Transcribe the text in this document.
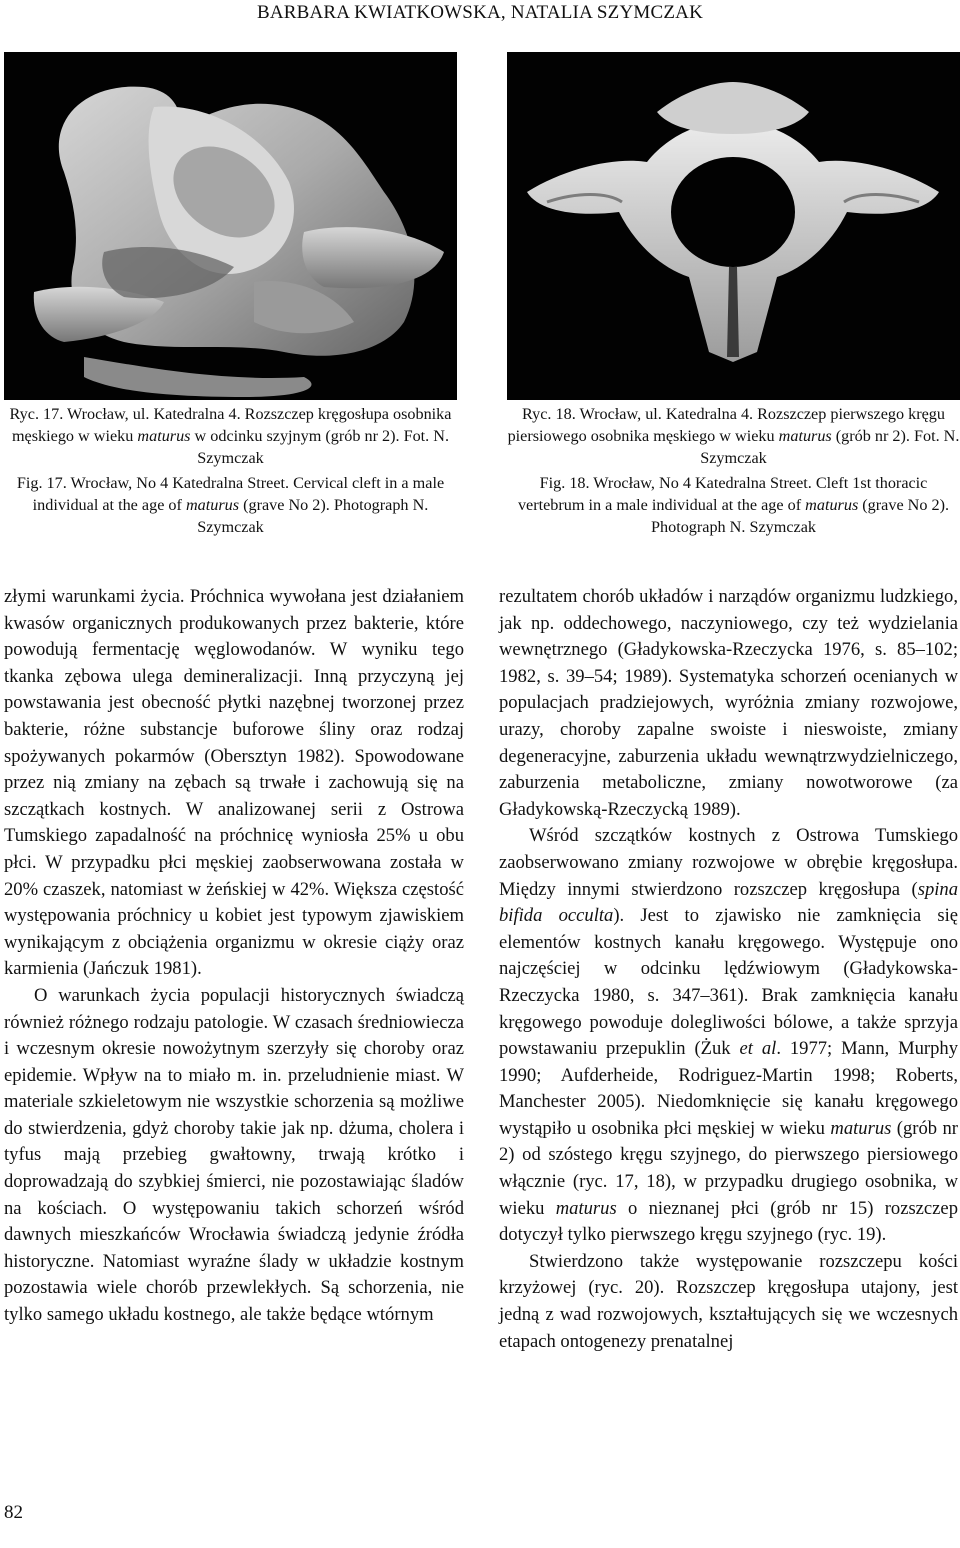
BARBARA KWIATKOWSKA, NATALIA SZYMCZAK

Ryc. 17. Wrocław, ul. Katedralna 4. Rozszczep kręgosłupa osobnika męskiego w wieku maturus w odcinku szyjnym (grób nr 2). Fot. N. Szymczak

Fig. 17. Wrocław, No 4 Katedralna Street. Cervical cleft in a male individual at the age of maturus (grave No 2). Photograph N. Szymczak

Ryc. 18. Wrocław, ul. Katedralna 4. Rozszczep pierwszego kręgu piersiowego osobnika męskiego w wieku maturus (grób nr 2). Fot. N. Szymczak

Fig. 18. Wrocław, No 4 Katedralna Street. Cleft 1st thoracic vertebrum in a male individual at the age of maturus (grave No 2). Photograph N. Szymczak

złymi warunkami życia. Próchnica wywołana jest działaniem kwasów organicznych produkowanych przez bakterie, które powodują fermentację węglowodanów. W wyniku tego tkanka zębowa ulega demineralizacji. Inną przyczyną jej powstawania jest obecność płytki nazębnej tworzonej przez bakterie, różne substancje buforowe śliny oraz rodzaj spożywanych pokarmów (Obersztyn 1982). Spowodowane przez nią zmiany na zębach są trwałe i zachowują się na szczątkach kostnych. W analizowanej serii z Ostrowa Tumskiego zapadalność na próchnicę wyniosła 25% u obu płci. W przypadku płci męskiej zaobserwowana została w 20% czaszek, natomiast w żeńskiej w 42%. Większa częstość występowania próchnicy u kobiet jest typowym zjawiskiem wynikającym z obciążenia organizmu w okresie ciąży oraz karmienia (Jańczuk 1981).

O warunkach życia populacji historycznych świadczą również różnego rodzaju patologie. W czasach średniowiecza i wczesnym okresie nowożytnym szerzyły się choroby oraz epidemie. Wpływ na to miało m. in. przeludnienie miast. W materiale szkieletowym nie wszystkie schorzenia są możliwe do stwierdzenia, gdyż choroby takie jak np. dżuma, cholera i tyfus mają przebieg gwałtowny, trwają krótko i doprowadzają do szybkiej śmierci, nie pozostawiając śladów na kościach. O występowaniu takich schorzeń wśród dawnych mieszkańców Wrocławia świadczą jedynie źródła historyczne. Natomiast wyraźne ślady w układzie kostnym pozostawia wiele chorób przewlekłych. Są schorzenia, nie tylko samego układu kostnego, ale także będące wtórnym

rezultatem chorób układów i narządów organizmu ludzkiego, jak np. oddechowego, naczyniowego, czy też wydzielania wewnętrznego (Gładykowska-Rzeczycka 1976, s. 85–102; 1982, s. 39–54; 1989). Systematyka schorzeń ocenianych w populacjach pradziejowych, wyróżnia zmiany rozwojowe, urazy, choroby zapalne swoiste i nieswoiste, zmiany degeneracyjne, zaburzenia układu wewnątrzwydzielniczego, zaburzenia metaboliczne, zmiany nowotworowe (za Gładykowską-Rzeczycką 1989).

Wśród szczątków kostnych z Ostrowa Tumskiego zaobserwowano zmiany rozwojowe w obrębie kręgosłupa. Między innymi stwierdzono rozszczep kręgosłupa (spina bifida occulta). Jest to zjawisko nie zamknięcia się elementów kostnych kanału kręgowego. Występuje ono najczęściej w odcinku lędźwiowym (Gładykowska-Rzeczycka 1980, s. 347–361). Brak zamknięcia kanału kręgowego powoduje dolegliwości bólowe, a także sprzyja powstawaniu przepuklin (Żuk et al. 1977; Mann, Murphy 1990; Aufderheide, Rodriguez-Martin 1998; Roberts, Manchester 2005). Niedomknięcie się kanału kręgowego wystąpiło u osobnika płci męskiej w wieku maturus (grób nr 2) od szóstego kręgu szyjnego, do pierwszego piersiowego włącznie (ryc. 17, 18), w przypadku drugiego osobnika, w wieku maturus o nieznanej płci (grób nr 15) rozszczep dotyczył tylko pierwszego kręgu szyjnego (ryc. 19).

Stwierdzono także występowanie rozszczepu kości krzyżowej (ryc. 20). Rozszczep kręgosłupa utajony, jest jedną z wad rozwojowych, kształtujących się we wczesnych etapach ontogenezy prenatalnej

82
